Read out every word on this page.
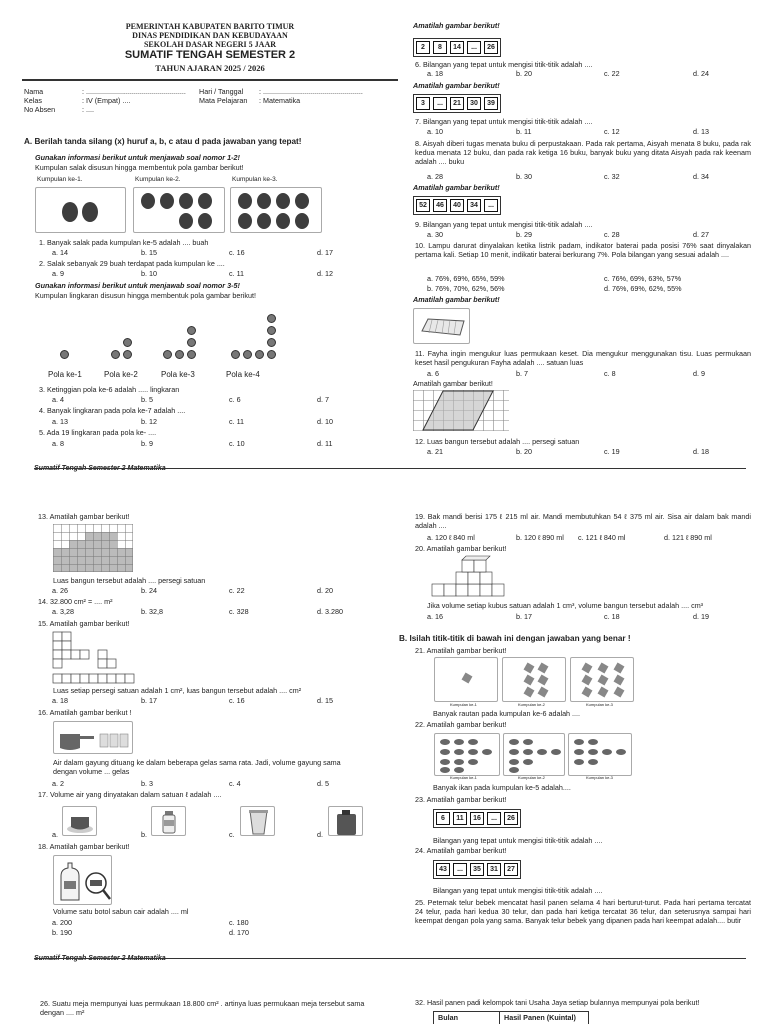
PEMERINTAH KABUPATEN BARITO TIMUR
DINAS PENDIDIKAN DAN KEBUDAYAAN
SEKOLAH DASAR NEGERI 5 JAAR
SUMATIF TENGAH SEMESTER 2
TAHUN AJARAN 2025 / 2026
Nama	: ..................................................
Kelas	: IV (Empat) ....
No Absen	: ....
Hari / Tanggal : ..................................................
Mata Pelajaran : Matematika
A. Berilah tanda silang (x) huruf a, b, c atau d pada jawaban yang tepat!
Gunakan informasi berikut untuk menjawab soal nomor 1-2!
Kumpulan salak disusun hingga membentuk pola gambar berikut!
Kumpulan ke-1.	Kumpulan ke-2.	Kumpulan ke-3.
1. Banyak salak pada kumpulan ke-5 adalah .... buah
a. 14	b. 15	c. 16	d. 17
2. Salak sebanyak 29 buah terdapat pada kumpulan ke ....
a. 9	b. 10	c. 11	d. 12
Gunakan informasi berikut untuk menjawab soal nomor 3-5!
Kumpulan lingkaran disusun hingga membentuk pola gambar berikut!
Pola ke-1	Pola ke-2	Pola ke-3	Pola ke-4
3. Ketinggian pola ke-6 adalah ..... lingkaran
a. 4	b. 5	c. 6	d. 7
4. Banyak lingkaran pada pola ke-7 adalah ....
a. 13	b. 12	c. 11	d. 10
5. Ada 19 lingkaran pada pola ke- ....
a. 8	b. 9	c. 10	d. 11
Amatilah gambar berikut!
2	8	14	...	26
6. Bilangan yang tepat untuk mengisi titik-titik adalah ....
a. 18	b. 20	c. 22	d. 24
Amatilah gambar berikut!
3	...	21	30	39
7. Bilangan yang tepat untuk mengisi titik-titik adalah ....
a. 10	b. 11	c. 12	d. 13
8. Aisyah diberi tugas menata buku di perpustakaan. Pada rak pertama, Aisyah menata 8 buku, pada rak kedua menata 12 buku, dan pada rak ketiga 16 buku, banyak buku yang ditata Aisyah pada rak keenam adalah .... buku
a. 28	b. 30	c. 32	d. 34
Amatilah gambar berikut!
52	46	40	34	...
9. Bilangan yang tepat untuk mengisi titik-titik adalah ....
a. 30	b. 29	c. 28	d. 27
10. Lampu darurat dinyalakan ketika listrik padam, indikator baterai pada posisi 76% saat dinyalakan pertama kali. Setiap 10 menit, indikatir baterai berkurang 7%. Pola bilangan yang sesuai adalah ....
a. 76%, 69%, 65%, 59%	c. 76%, 69%, 63%, 57%
b. 76%, 70%, 62%, 56%	d. 76%, 69%, 62%, 55%
Amatilah gambar berikut!
11. Fayha ingin mengukur luas permukaan keset. Dia mengukur menggunakan tisu. Luas permukaan keset hasil pengukuran Fayha adalah .... satuan luas
a. 6	b. 7	c. 8	d. 9
Amatilah gambar berikut!
12. Luas bangun tersebut adalah .... persegi satuan
a. 21	b. 20	c. 19	d. 18
13. Amatilah gambar berikut!
Luas bangun tersebut adalah .... persegi satuan
a. 26	b. 24	c. 22	d. 20
14. 32.800 cm² = .... m²
a. 3,28	b. 32,8	c. 328	d. 3.280
15. Amatilah gambar berikut!
Luas setiap persegi satuan adalah 1 cm², luas bangun tersebut adalah .... cm²
a. 18	b. 17	c. 16	d. 15
16. Amatilah gambar berikut !
Air dalam gayung dituang ke dalam beberapa gelas sama rata. Jadi, volume gayung sama dengan volume ... gelas
a. 2	b. 3	c. 4	d. 5
17. Volume air yang dinyatakan dalam satuan ℓ adalah ....
a.	b.	c.	d.
18. Amatilah gambar berikut!
Volume satu botol sabun cair adalah .... ml
a. 200	c. 180
b. 190	d. 170
19. Bak mandi berisi 175 ℓ 215 ml air. Mandi membutuhkan 54 ℓ 375 ml air. Sisa air dalam bak mandi adalah ....
a. 120 ℓ 840 ml	b. 120 ℓ 890 ml c. 121 ℓ 840 ml	d. 121 ℓ 890 ml
20. Amatilah gambar berikut!
Jika volume setiap kubus satuan adalah 1 cm³, volume bangun tersebut adalah .... cm³
a. 16	b. 17	c. 18	d. 19
B. Isilah titik-titik di bawah ini dengan jawaban yang benar !
21. Amatilah gambar berikut!
Kumpulan ke-1	Kumpulan ke-2	Kumpulan ke-3
Banyak rautan pada kumpulan ke-6 adalah ....
22. Amatilah gambar berikut!
Kumpulan ke-1	Kumpulan ke-2	Kumpulan ke-3
Banyak ikan pada kumpulan ke-5 adalah....
23. Amatilah gambar berikut!
6	11	16	...	26
Bilangan yang tepat untuk mengisi titik-titik adalah ....
24. Amatilah gambar berikut!
43	...	35	31	27
Bilangan yang tepat untuk mengisi titik-titik adalah ....
25. Peternak telur bebek mencatat hasil panen selama 4 hari berturut-turut. Pada hari pertama tercatat 24 telur, pada hari kedua 30 telur, dan pada hari ketiga tercatat 36 telur, dan seterusnya sampai hari keempat dengan pola yang sama. Banyak telur bebek yang dipanen pada hari keempat adalah.... butir
26. Suatu meja mempunyai luas permukaan 18.800 cm² . artinya luas permukaan meja tersebut sama dengan .... m²
32. Hasil panen padi kelompok tani Usaha Jaya setiap bulannya mempunyai pola berikut!
Bulan	Hasil Panen (Kuintal)
